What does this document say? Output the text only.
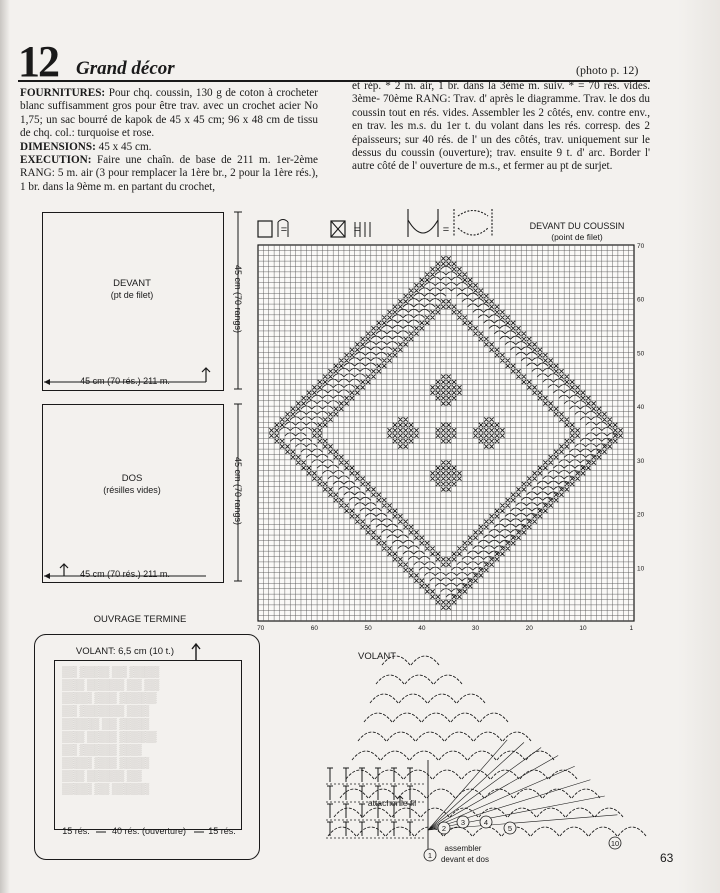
12 Grand décor	(photo p. 12)
FOURNITURES: Pour chq. coussin, 130 g de coton à crocheter blanc suffisamment gros pour être trav. avec un crochet acier No 1,75; un sac bourré de kapok de 45 x 45 cm; 96 x 48 cm de tissu de chq. col.: turquoise et rose.
DIMENSIONS: 45 x 45 cm.
EXECUTION: Faire une chaîn. de base de 211 m. 1er-2ème RANG: 5 m. air (3 pour remplacer la 1ère br., 2 pour la 1ère rés.), 1 br. dans la 9ème m. en partant du crochet,
et rép. * 2 m. air, 1 br. dans la 3ème m. suiv. * = 70 rés. vides. 3ème- 70ème RANG: Trav. d' après le diagramme. Trav. le dos du coussin tout en rés. vides. Assembler les 2 côtés, env. contre env., en trav. les m.s. du 1er t. du volant dans les rés. corresp. des 2 épaisseurs; sur 40 rés. de l' un des côtés, trav. uniquement sur le dessus du coussin (ouverture); trav. ensuite 9 t. d' arc. Border l' autre côté de l' ouverture de m.s., et fermer au pt de surjet.
DEVANT
(pt de filet)
45 cm (70 rés.) 211 m.
45 cm (70 rangs)
DOS
(résilles vides)
45 cm (70 rés.) 211 m.
45 cm (70 rangs)
OUVRAGE TERMINE
VOLANT: 6,5 cm (10 t.)
15 rés.	40 rés. (ouverture)	15 rés.
▒▒ ▒▒▒▒ ▒▒ ▒▒▒▒
▒▒▒ ▒▒▒▒▒ ▒▒ ▒▒
▒▒▒▒ ▒▒▒ ▒▒▒▒▒
▒▒ ▒▒▒▒▒▒ ▒▒▒
▒▒▒▒▒ ▒▒ ▒▒▒▒
▒▒▒ ▒▒▒▒ ▒▒▒▒▒
▒▒ ▒▒▒▒▒ ▒▒▒
▒▒▒▒ ▒▒▒ ▒▒▒▒
▒▒▒ ▒▒▒▒▒ ▒▒
▒▒▒▒ ▒▒ ▒▒▒▒▒
DEVANT DU COUSSIN
(point de filet)
=	=	=
VOLANT
attacher le fil
assembler
devant et dos	63
70
60
50
40
30
20
10
70	60	50	40	30	20	10	1
1
2
3	4
5
10
